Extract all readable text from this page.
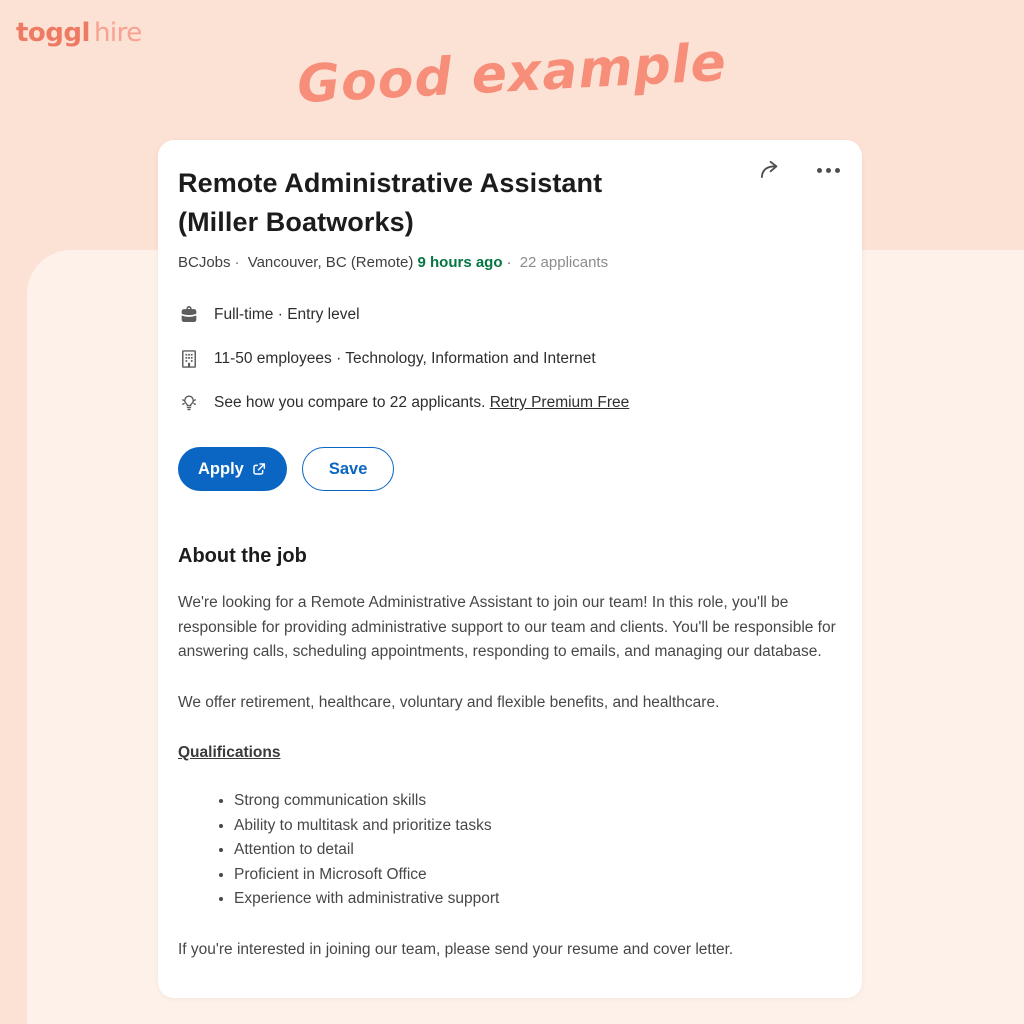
toggl hire	Good example
Remote Administrative Assistant
(Miller Boatworks)
BCJobs · Vancouver, BC (Remote) 9 hours ago · 22 applicants
Full-time · Entry level
11-50 employees · Technology, Information and Internet
See how you compare to 22 applicants. Retry Premium Free
Apply	Save
About the job

We're looking for a Remote Administrative Assistant to join our team! In this role, you'll be responsible for providing administrative support to our team and clients. You'll be responsible for answering calls, scheduling appointments, responding to emails, and managing our database.

We offer retirement, healthcare, voluntary and flexible benefits, and healthcare.

Qualifications
• Strong communication skills
• Ability to multitask and prioritize tasks
• Attention to detail
• Proficient in Microsoft Office
• Experience with administrative support

If you're interested in joining our team, please send your resume and cover letter.
